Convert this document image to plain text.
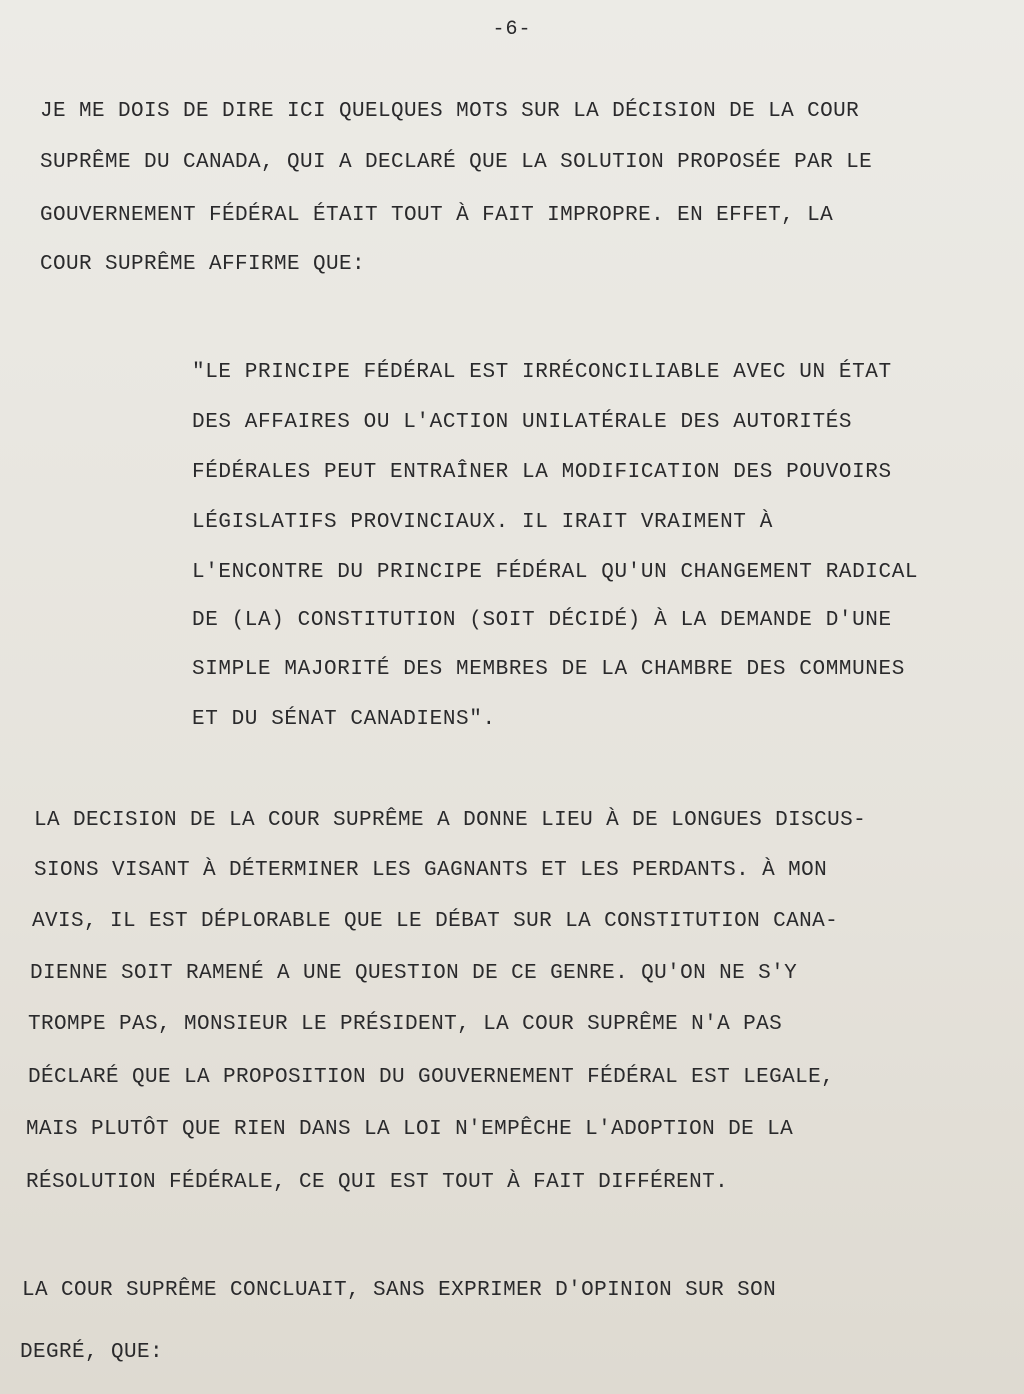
-6-
JE ME DOIS DE DIRE ICI QUELQUES MOTS SUR LA DÉCISION DE LA COUR
SUPRÊME DU CANADA, QUI A DECLARÉ QUE LA SOLUTION PROPOSÉE PAR LE
GOUVERNEMENT FÉDÉRAL ÉTAIT TOUT À FAIT IMPROPRE. EN EFFET, LA
COUR SUPRÊME AFFIRME QUE:
"LE PRINCIPE FÉDÉRAL EST IRRÉCONCILIABLE AVEC UN ÉTAT
DES AFFAIRES OU L'ACTION UNILATÉRALE DES AUTORITÉS
FÉDÉRALES PEUT ENTRAÎNER LA MODIFICATION DES POUVOIRS
LÉGISLATIFS PROVINCIAUX. IL IRAIT VRAIMENT À
L'ENCONTRE DU PRINCIPE FÉDÉRAL QU'UN CHANGEMENT RADICAL
DE (LA) CONSTITUTION (SOIT DÉCIDÉ) À LA DEMANDE D'UNE
SIMPLE MAJORITÉ DES MEMBRES DE LA CHAMBRE DES COMMUNES
ET DU SÉNAT CANADIENS".
LA DECISION DE LA COUR SUPRÊME A DONNE LIEU À DE LONGUES DISCUS-
SIONS VISANT À DÉTERMINER LES GAGNANTS ET LES PERDANTS. À MON
AVIS, IL EST DÉPLORABLE QUE LE DÉBAT SUR LA CONSTITUTION CANA-
DIENNE SOIT RAMENÉ A UNE QUESTION DE CE GENRE. QU'ON NE S'Y
TROMPE PAS, MONSIEUR LE PRÉSIDENT, LA COUR SUPRÊME N'A PAS
DÉCLARÉ QUE LA PROPOSITION DU GOUVERNEMENT FÉDÉRAL EST LEGALE,
MAIS PLUTÔT QUE RIEN DANS LA LOI N'EMPÊCHE L'ADOPTION DE LA
RÉSOLUTION FÉDÉRALE, CE QUI EST TOUT À FAIT DIFFÉRENT.
LA COUR SUPRÊME CONCLUAIT, SANS EXPRIMER D'OPINION SUR SON
DEGRÉ, QUE:
